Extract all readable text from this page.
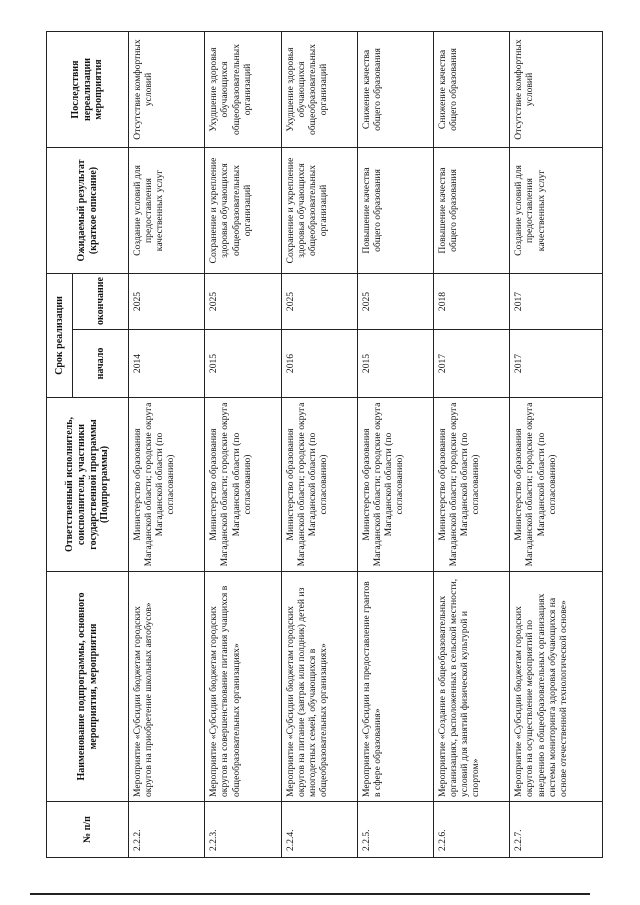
№ п/п	Наименование подпрограммы, основного мероприятия, мероприятия	Ответственный исполнитель, соисполнители, участники государственной программы (Подпрограммы)	Срок реализации		Ожидаемый результат (краткое описание)	Последствия нереализации мероприятия
			начало	окончание		
2.2.2.	Мероприятие «Субсидии бюджетам городских округов на приобретение школьных автобусов»	Министерство образования Магаданской области; городские округа Магаданской области (по согласованию)	2014	2025	Создание условий для предоставления качественных услуг	Отсутствие комфортных условий
2.2.3.	Мероприятие «Субсидии бюджетам городских округов на совершенствование питания учащихся в общеобразовательных организациях»	Министерство образования Магаданской области; городские округа Магаданской области (по согласованию)	2015	2025	Сохранение и укрепление здоровья обучающихся общеобразовательных организаций	Ухудшение здоровья обучающихся общеобразовательных организаций
2.2.4.	Мероприятие «Субсидии бюджетам городских округов на питание (завтрак или полдник) детей из многодетных семей, обучающихся в общеобразовательных организациях»	Министерство образования Магаданской области; городские округа Магаданской области (по согласованию)	2016	2025	Сохранение и укрепление здоровья обучающихся общеобразовательных организаций	Ухудшение здоровья обучающихся общеобразовательных организаций
2.2.5.	Мероприятие «Субсидии на предоставление грантов в сфере образования»	Министерство образования Магаданской области; городские округа Магаданской области (по согласованию)	2015	2025	Повышение качества общего образования	Снижение качества общего образования
2.2.6.	Мероприятие «Создание в общеобразовательных организациях, расположенных в сельской местности, условий для занятий физической культурой и спортом»	Министерство образования Магаданской области; городские округа Магаданской области (по согласованию)	2017	2018	Повышение качества общего образования	Снижение качества общего образования
2.2.7.	Мероприятие «Субсидии бюджетам городских округов на осуществление мероприятий по внедрению в общеобразовательных организациях системы мониторинга здоровья обучающихся на основе отечественной технологической основе»	Министерство образования Магаданской области; городские округа Магаданской области (по согласованию)	2017	2017	Создание условий для предоставления качественных услуг	Отсутствие комфортных условий
